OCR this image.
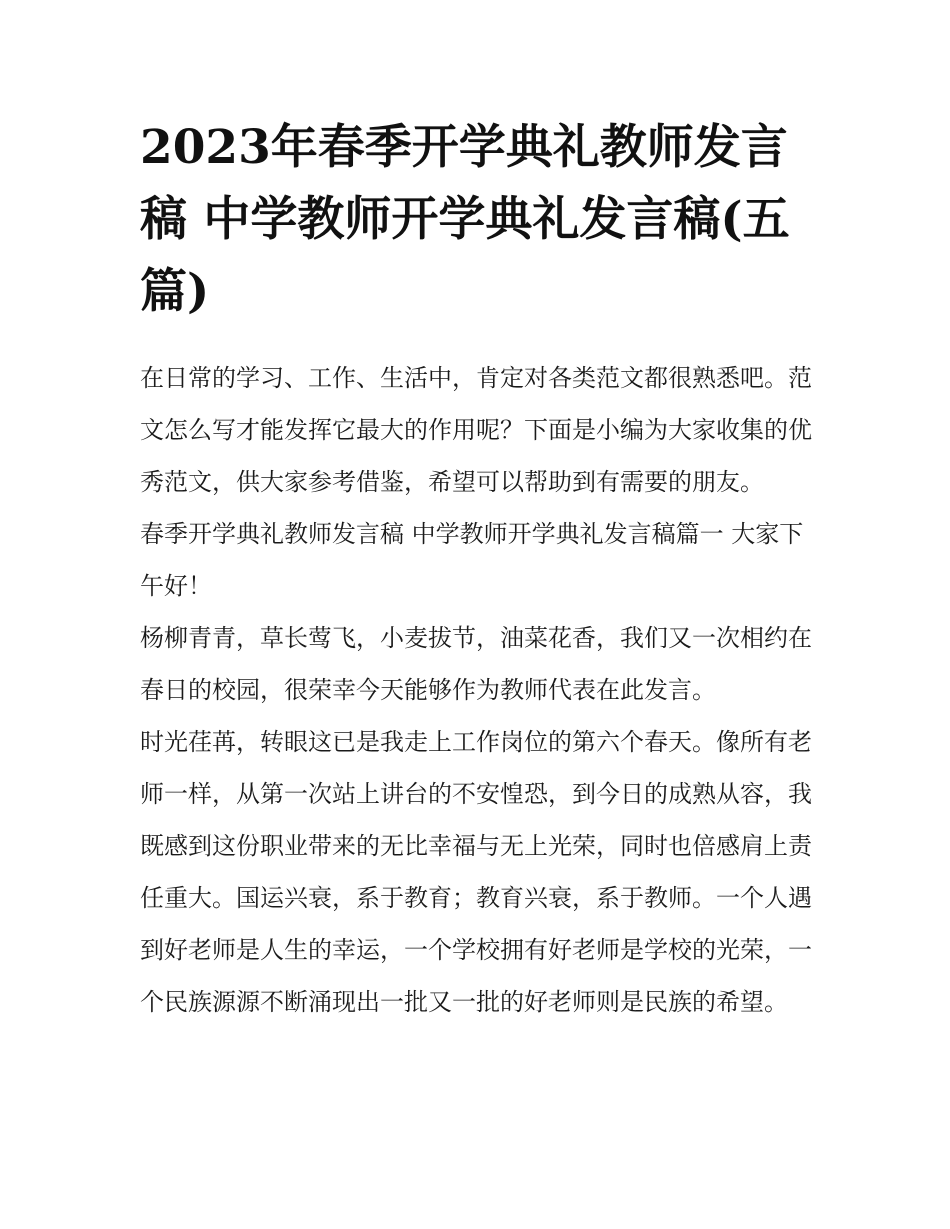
2023年春季开学典礼教师发言稿 中学教师开学典礼发言稿(五篇)

在日常的学习、工作、生活中，肯定对各类范文都很熟悉吧。范文怎么写才能发挥它最大的作用呢？下面是小编为大家收集的优秀范文，供大家参考借鉴，希望可以帮助到有需要的朋友。

春季开学典礼教师发言稿 中学教师开学典礼发言稿篇一 大家下午好！

杨柳青青，草长莺飞，小麦拔节，油菜花香，我们又一次相约在春日的校园，很荣幸今天能够作为教师代表在此发言。

时光荏苒，转眼这已是我走上工作岗位的第六个春天。像所有老师一样，从第一次站上讲台的不安惶恐，到今日的成熟从容，我既感到这份职业带来的无比幸福与无上光荣，同时也倍感肩上责任重大。国运兴衰，系于教育；教育兴衰，系于教师。一个人遇到好老师是人生的幸运，一个学校拥有好老师是学校的光荣，一个民族源源不断涌现出一批又一批的好老师则是民族的希望。
